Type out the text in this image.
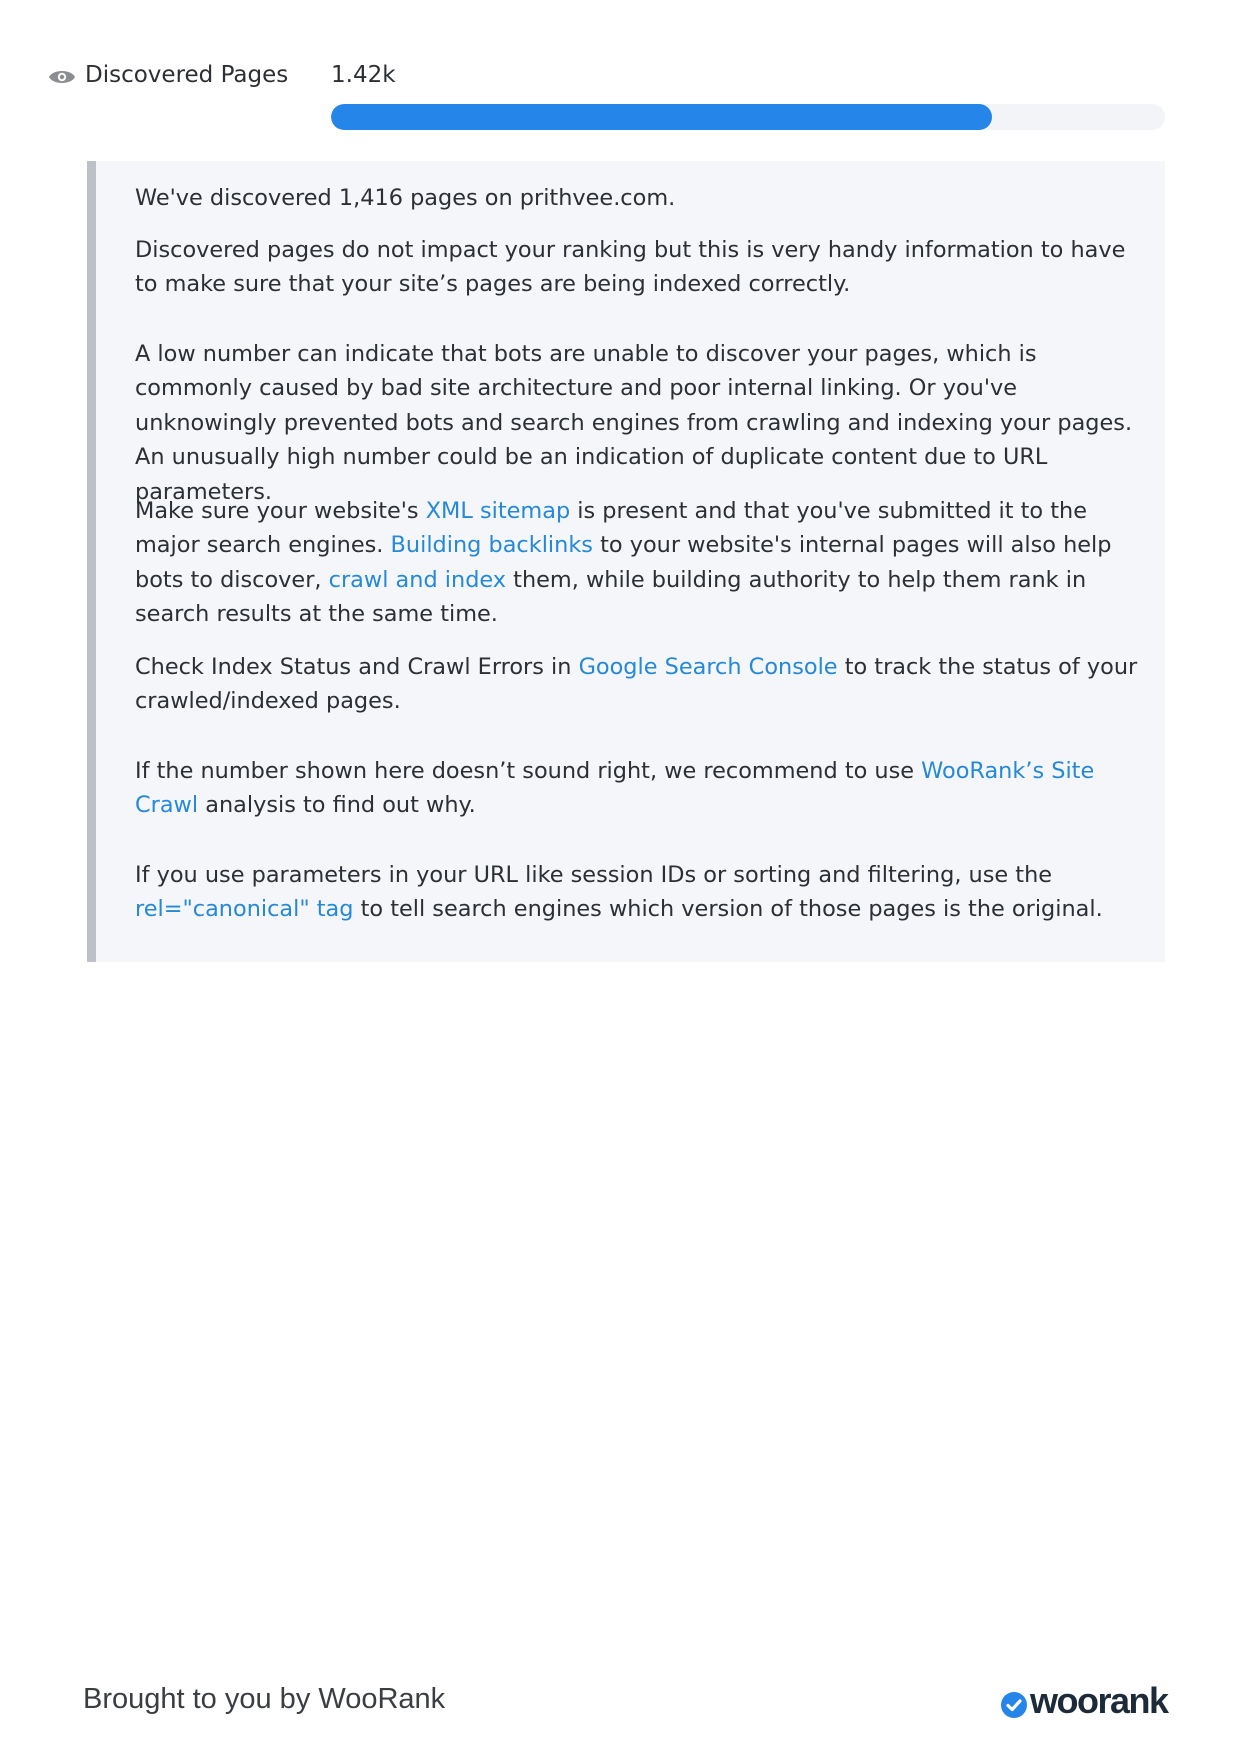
Discovered Pages 1.42k

We've discovered 1,416 pages on prithvee.com.

Discovered pages do not impact your ranking but this is very handy information to have to make sure that your site’s pages are being indexed correctly.

A low number can indicate that bots are unable to discover your pages, which is commonly caused by bad site architecture and poor internal linking. Or you've unknowingly prevented bots and search engines from crawling and indexing your pages. An unusually high number could be an indication of duplicate content due to URL parameters.

Make sure your website's XML sitemap is present and that you've submitted it to the major search engines. Building backlinks to your website's internal pages will also help bots to discover, crawl and index them, while building authority to help them rank in search results at the same time.

Check Index Status and Crawl Errors in Google Search Console to track the status of your crawled/indexed pages.

If the number shown here doesn’t sound right, we recommend to use WooRank’s Site Crawl analysis to find out why.

If you use parameters in your URL like session IDs or sorting and filtering, use the rel="canonical" tag to tell search engines which version of those pages is the original.

Brought to you by WooRank	woorank
